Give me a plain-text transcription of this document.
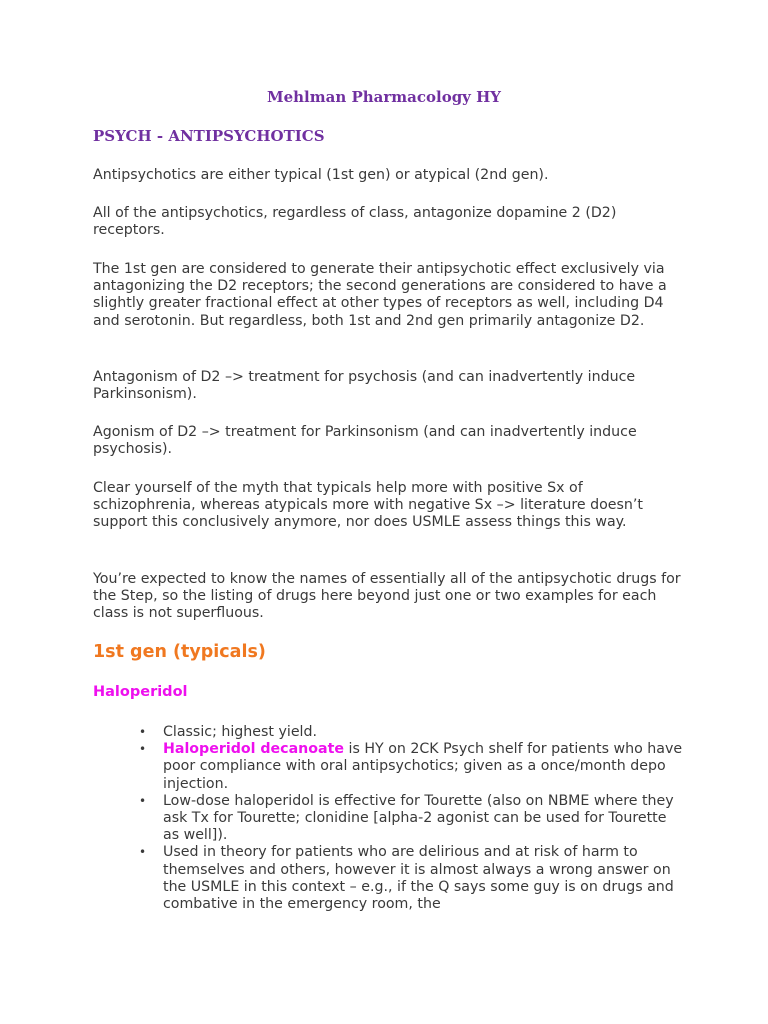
Mehlman Pharmacology HY
PSYCH - ANTIPSYCHOTICS

Antipsychotics are either typical (1st gen) or atypical (2nd gen).

All of the antipsychotics, regardless of class, antagonize dopamine 2 (D2) receptors.

The 1st gen are considered to generate their antipsychotic effect exclusively via antagonizing the D2 receptors; the second generations are considered to have a slightly greater fractional effect at other types of receptors as well, including D4 and serotonin. But regardless, both 1st and 2nd gen primarily antagonize D2.

Antagonism of D2 –> treatment for psychosis (and can inadvertently induce Parkinsonism).

Agonism of D2 –> treatment for Parkinsonism (and can inadvertently induce psychosis).

Clear yourself of the myth that typicals help more with positive Sx of schizophrenia, whereas atypicals more with negative Sx –> literature doesn’t support this conclusively anymore, nor does USMLE assess things this way.

You’re expected to know the names of essentially all of the antipsychotic drugs for the Step, so the listing of drugs here beyond just one or two examples for each class is not superfluous.

1st gen (typicals)
Haloperidol
• Classic; highest yield.
• Haloperidol decanoate is HY on 2CK Psych shelf for patients who have poor compliance with oral antipsychotics; given as a once/month depo injection.
• Low-dose haloperidol is effective for Tourette (also on NBME where they ask Tx for Tourette; clonidine [alpha-2 agonist can be used for Tourette as well]).
• Used in theory for patients who are delirious and at risk of harm to themselves and others, however it is almost always a wrong answer on the USMLE in this context – e.g., if the Q says some guy is on drugs and combative in the emergency room, the
